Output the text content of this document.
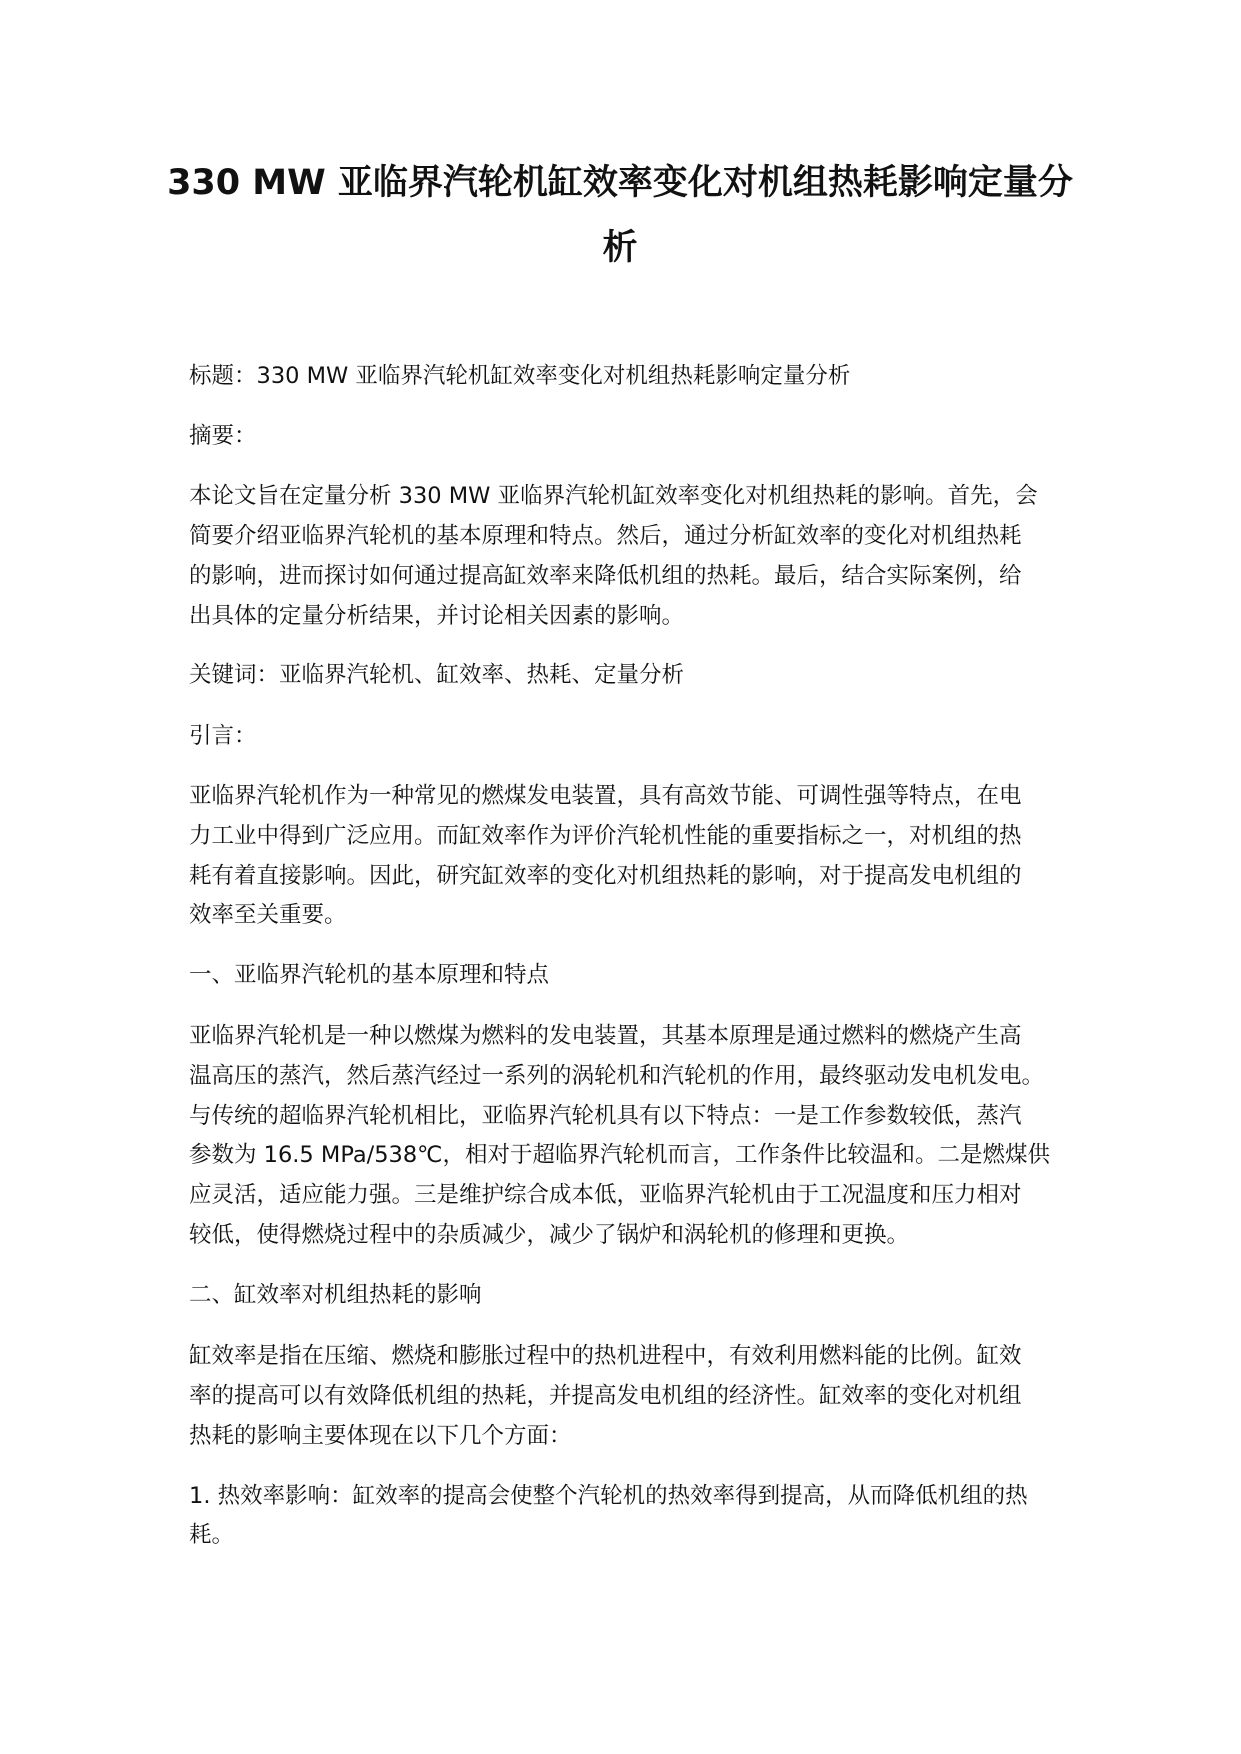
330 MW 亚临界汽轮机缸效率变化对机组热耗影响定量分
析

标题：330 MW 亚临界汽轮机缸效率变化对机组热耗影响定量分析

摘要：

本论文旨在定量分析 330 MW 亚临界汽轮机缸效率变化对机组热耗的影响。首先，会

简要介绍亚临界汽轮机的基本原理和特点。然后，通过分析缸效率的变化对机组热耗

的影响，进而探讨如何通过提高缸效率来降低机组的热耗。最后，结合实际案例，给

出具体的定量分析结果，并讨论相关因素的影响。

关键词：亚临界汽轮机、缸效率、热耗、定量分析

引言：

亚临界汽轮机作为一种常见的燃煤发电装置，具有高效节能、可调性强等特点，在电

力工业中得到广泛应用。而缸效率作为评价汽轮机性能的重要指标之一，对机组的热

耗有着直接影响。因此，研究缸效率的变化对机组热耗的影响，对于提高发电机组的

效率至关重要。

一、亚临界汽轮机的基本原理和特点

亚临界汽轮机是一种以燃煤为燃料的发电装置，其基本原理是通过燃料的燃烧产生高

温高压的蒸汽，然后蒸汽经过一系列的涡轮机和汽轮机的作用，最终驱动发电机发电。

与传统的超临界汽轮机相比，亚临界汽轮机具有以下特点：一是工作参数较低，蒸汽

参数为 16.5 MPa/538℃，相对于超临界汽轮机而言，工作条件比较温和。二是燃煤供

应灵活，适应能力强。三是维护综合成本低，亚临界汽轮机由于工况温度和压力相对

较低，使得燃烧过程中的杂质减少，减少了锅炉和涡轮机的修理和更换。

二、缸效率对机组热耗的影响

缸效率是指在压缩、燃烧和膨胀过程中的热机进程中，有效利用燃料能的比例。缸效

率的提高可以有效降低机组的热耗，并提高发电机组的经济性。缸效率的变化对机组

热耗的影响主要体现在以下几个方面：

1. 热效率影响：缸效率的提高会使整个汽轮机的热效率得到提高，从而降低机组的热

耗。
